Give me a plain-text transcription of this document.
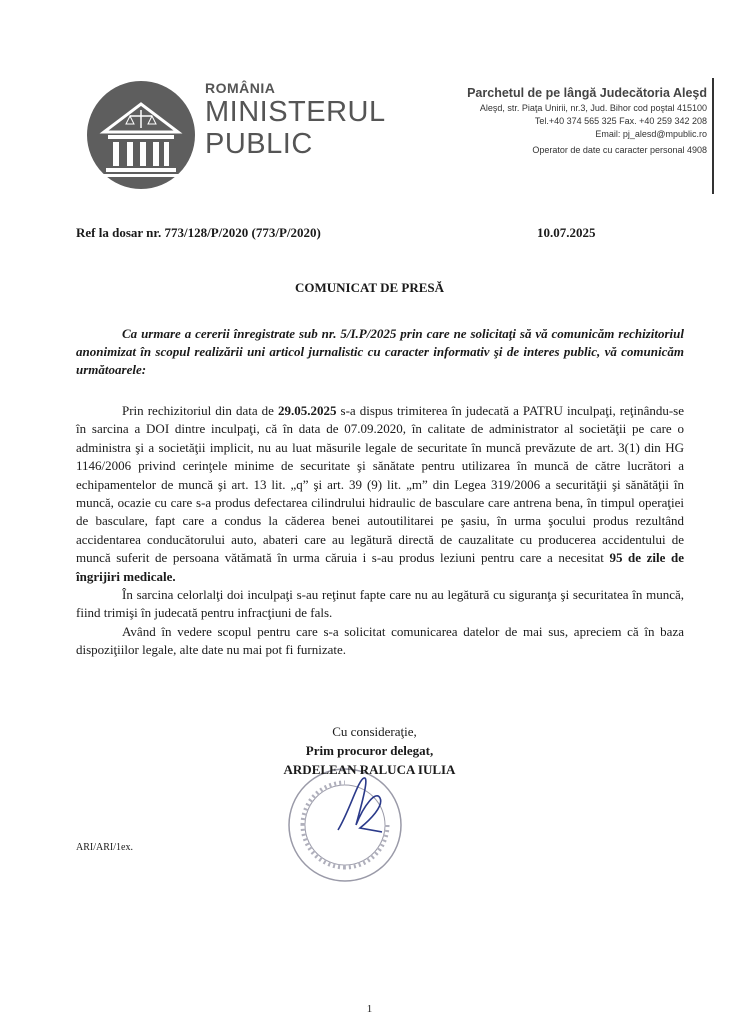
ROMÂNIA
MINISTERUL
PUBLIC
Parchetul de pe lângă Judecătoria Aleşd
Aleşd, str. Piaţa Unirii, nr.3, Jud. Bihor cod poştal 415100
Tel.+40 374 565 325 Fax. +40 259 342 208
Email: pj_alesd@mpublic.ro
Operator de date cu caracter personal 4908
Ref la dosar nr. 773/128/P/2020 (773/P/2020)	10.07.2025
COMUNICAT DE PRESĂ

Ca urmare a cererii înregistrate sub nr. 5/I.P/2025 prin care ne solicitaţi să vă comunicăm rechizitoriul anonimizat în scopul realizării uni articol jurnalistic cu caracter informativ şi de interes public, vă comunicăm următoarele:

Prin rechizitoriul din data de 29.05.2025 s-a dispus trimiterea în judecată a PATRU inculpaţi, reţinându-se în sarcina a DOI dintre inculpaţi, că în data de 07.09.2020, în calitate de administrator al societăţii pe care o administra şi a societăţii implicit, nu au luat măsurile legale de securitate în muncă prevăzute de art. 3(1) din HG 1146/2006 privind cerinţele minime de securitate şi sănătate pentru utilizarea în muncă de către lucrători a echipamentelor de muncă şi art. 13 lit. „q” şi art. 39 (9) lit. „m” din Legea 319/2006 a securităţii şi sănătăţii în muncă, ocazie cu care s-a produs defectarea cilindrului hidraulic de basculare care antrena bena, în timpul operaţiei de basculare, fapt care a condus la căderea benei autoutilitarei pe şasiu, în urma şocului produs rezultând accidentarea conducătorului auto, abateri care au legătură directă de cauzalitate cu producerea accidentului de muncă suferit de persoana vătămată în urma căruia i s-au produs leziuni pentru care a necesitat 95 de zile de îngrijiri medicale.

În sarcina celorlalţi doi inculpaţi s-au reţinut fapte care nu au legătură cu siguranţa şi securitatea în muncă, fiind trimişi în judecată pentru infracţiuni de fals.

Având în vedere scopul pentru care s-a solicitat comunicarea datelor de mai sus, apreciem că în baza dispoziţiilor legale, alte date nu mai pot fi furnizate.

Cu consideraţie,
Prim procuror delegat,
ARDELEAN RALUCA IULIA
ARI/ARI/1ex.
1
